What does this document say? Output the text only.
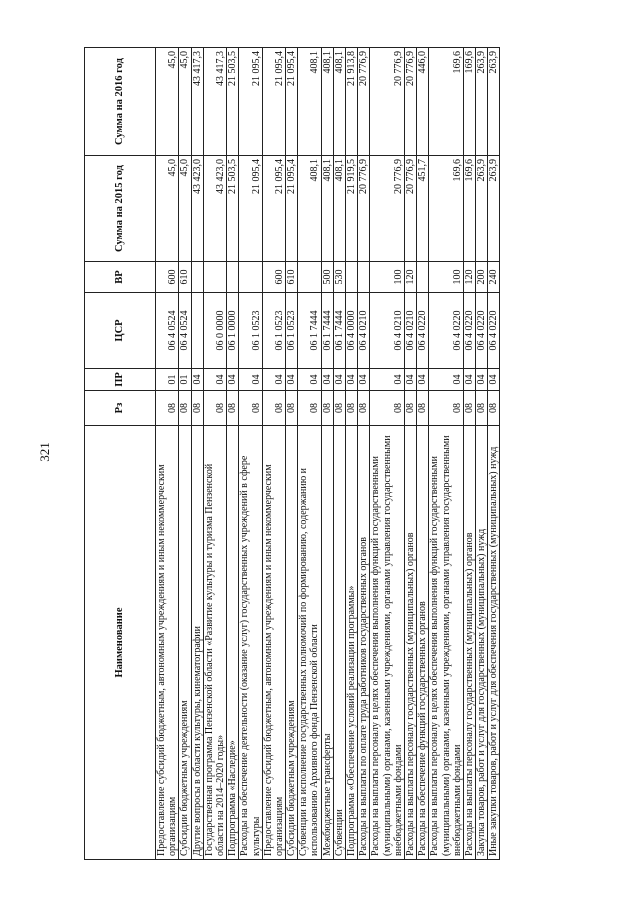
321
Наименование	Рз	ПР	ЦСР	ВР	Сумма на 2015 год	Сумма на 2016 год
Предоставление субсидий бюджетным, автономным учреждениям и иным некоммерческим организациям	08	01	06 4 0524	600	45,0	45,0
Субсидии бюджетным учреждениям	08	01	06 4 0524	610	45,0	45,0
Другие вопросы в области культуры, кинематографии	08	04			43 423,0	43 417,3
Государственная программа Пензенской области «Развитие культуры и туризма Пензенской области на 2014–2020 годы»	08	04	06 0 0000		43 423,0	43 417,3
Подпрограмма «Наследие»	08	04	06 1 0000		21 503,5	21 503,5
Расходы на обеспечение деятельности (оказание услуг) государственных учреждений в сфере культуры	08	04	06 1 0523		21 095,4	21 095,4
Предоставление субсидий бюджетным, автономным учреждениям и иным некоммерческим организациям	08	04	06 1 0523	600	21 095,4	21 095,4
Субсидии бюджетным учреждениям	08	04	06 1 0523	610	21 095,4	21 095,4
Субвенции на исполнение государственных полномочий по формированию, содержанию и использованию Архивного фонда Пензенской области	08	04	06 1 7444		408,1	408,1
Межбюджетные трансферты	08	04	06 1 7444	500	408,1	408,1
Субвенции	08	04	06 1 7444	530	408,1	408,1
Подпрограмма «Обеспечение условий реализации программы»	08	04	06 4 0000		21 919,5	21 913,8
Расходы на выплаты по оплате труда работников государственных органов	08	04	06 4 0210		20 776,9	20 776,9
Расходы на выплаты персоналу в целях обеспечения выполнения функций государственными (муниципальными) органами, казенными учреждениями, органами управления государственными внебюджетными фондами	08	04	06 4 0210	100	20 776,9	20 776,9
Расходы на выплаты персоналу государственных (муниципальных) органов	08	04	06 4 0210	120	20 776,9	20 776,9
Расходы на обеспечение функций государственных органов	08	04	06 4 0220		451,7	446,0
Расходы на выплаты персоналу в целях обеспечения выполнения функций государственными (муниципальными) органами, казенными учреждениями, органами управления государственными внебюджетными фондами	08	04	06 4 0220	100	169,6	169,6
Расходы на выплаты персоналу государственных (муниципальных) органов	08	04	06 4 0220	120	169,6	169,6
Закупка товаров, работ и услуг для государственных (муниципальных) нужд	08	04	06 4 0220	200	263,9	263,9
Иные закупки товаров, работ и услуг для обеспечения государственных (муниципальных) нужд	08	04	06 4 0220	240	263,9	263,9
